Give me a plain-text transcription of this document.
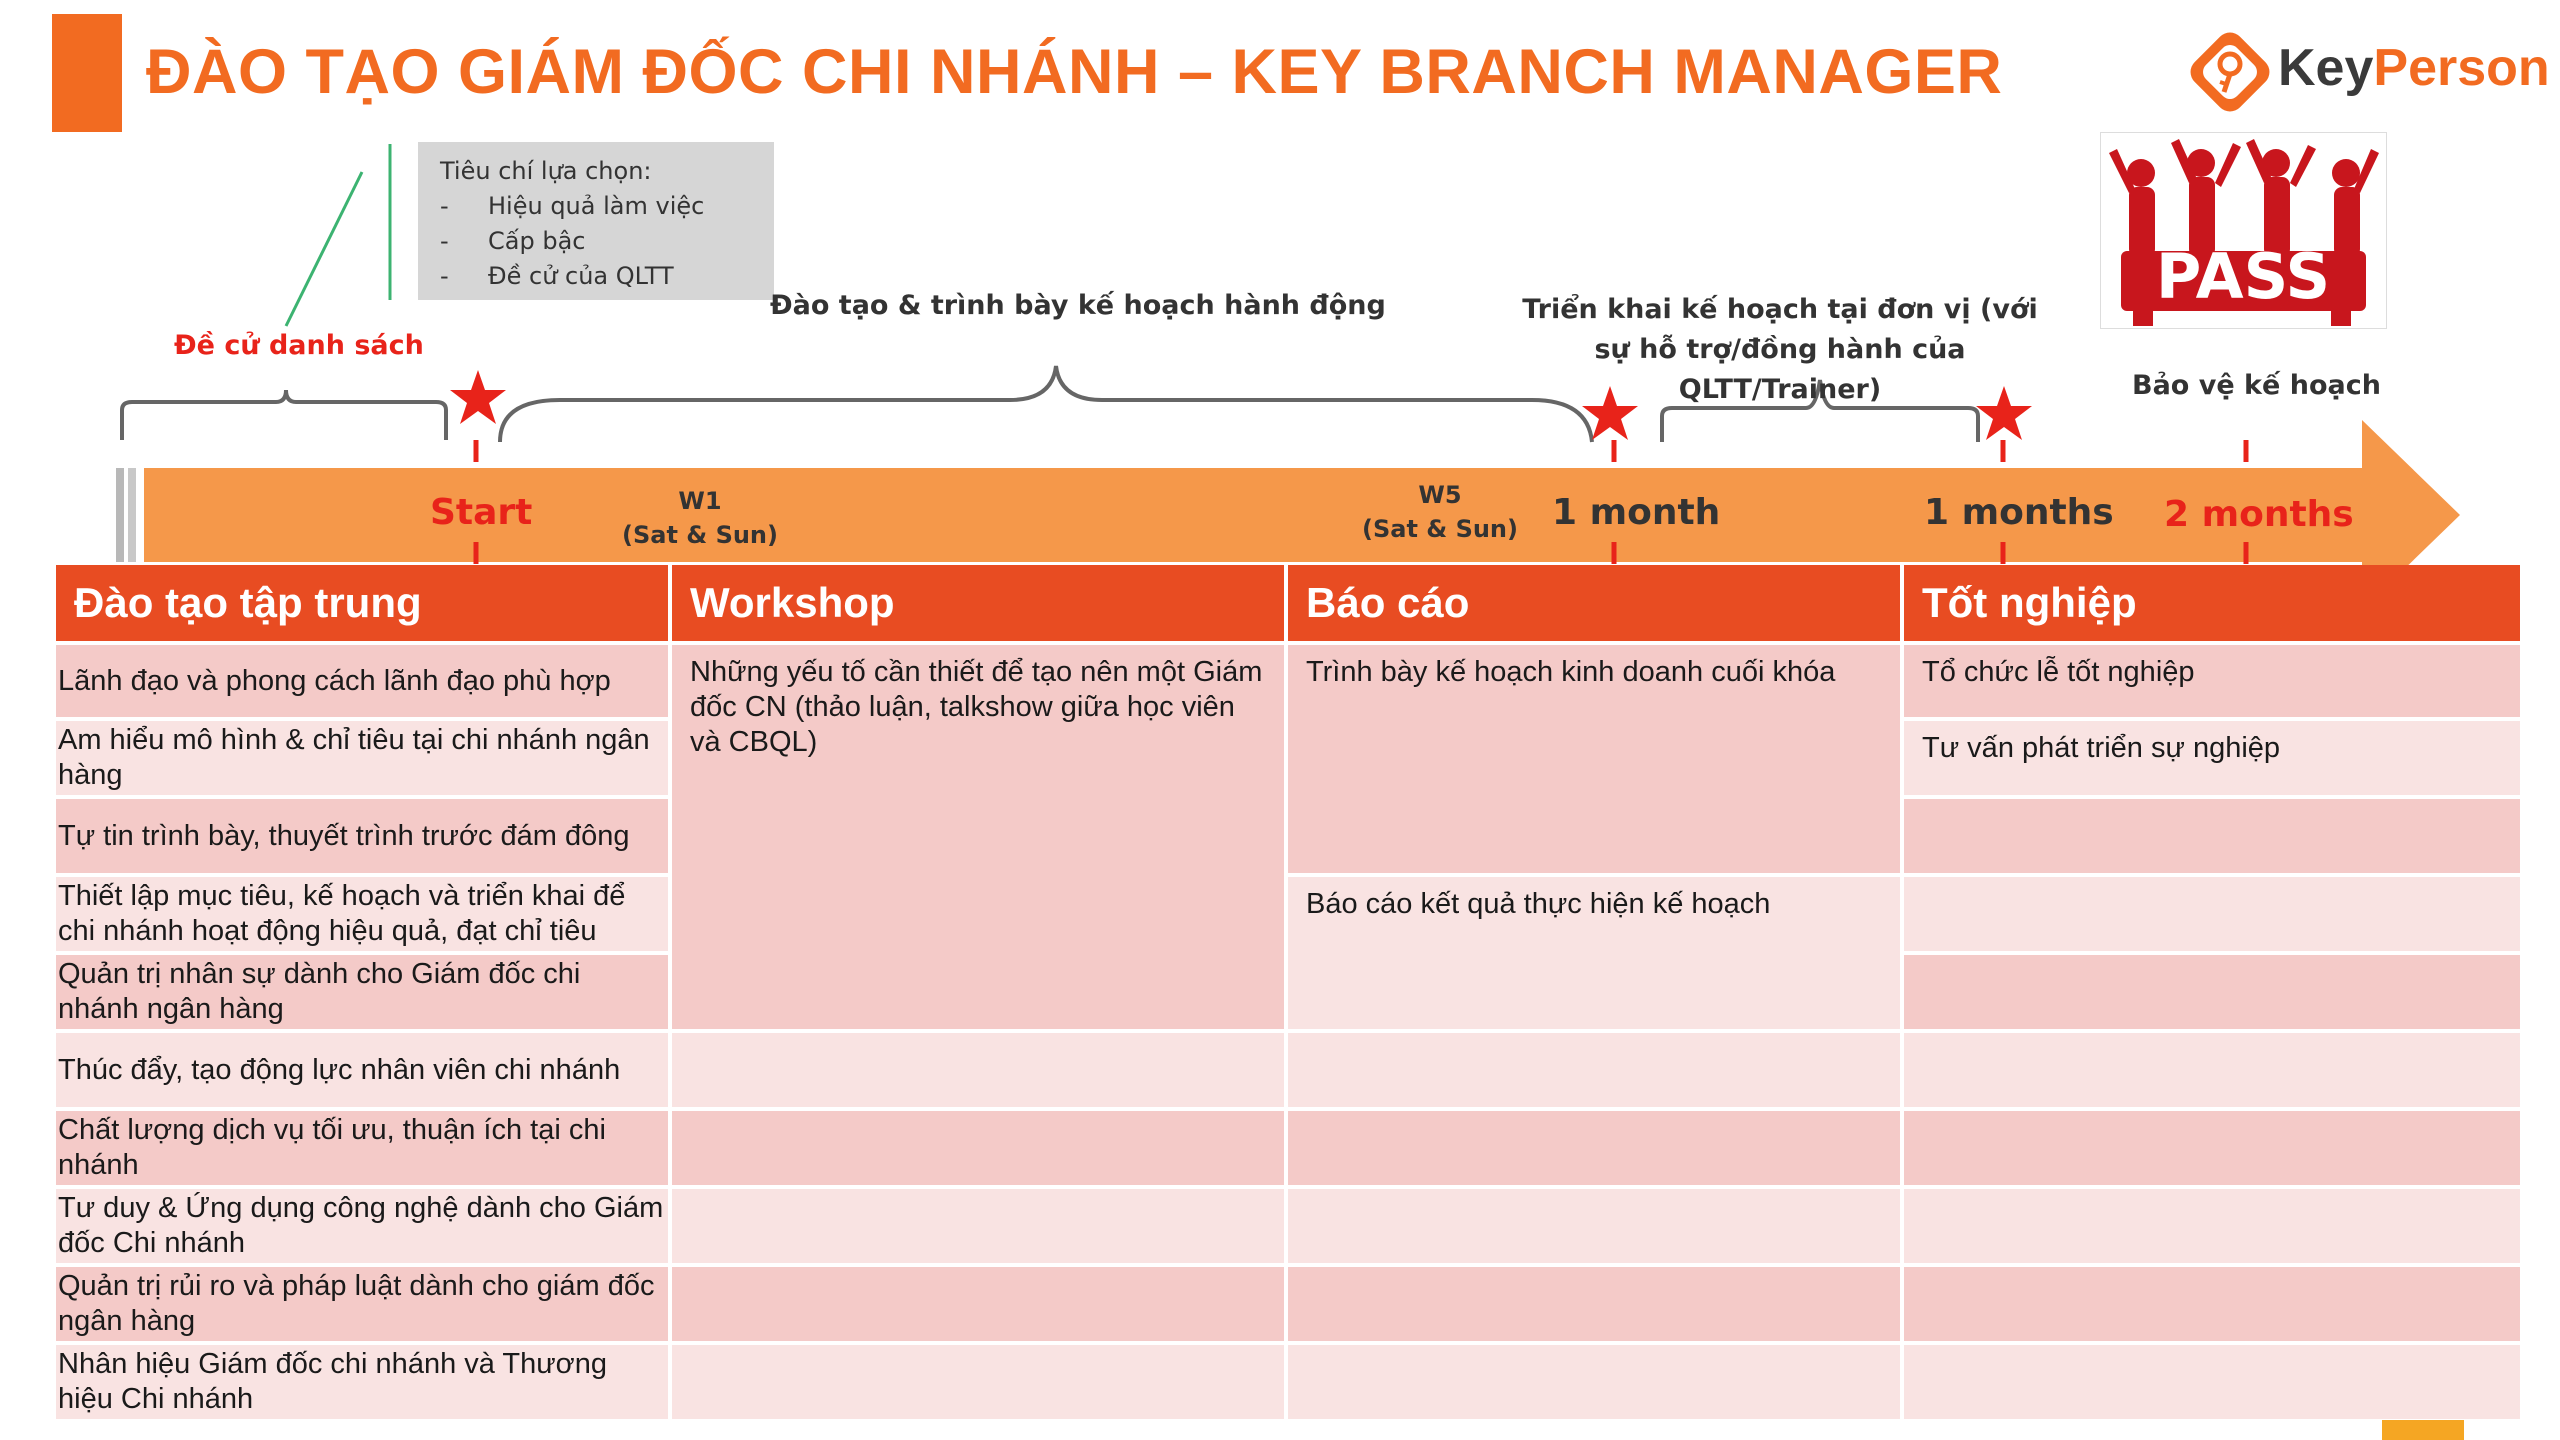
ĐÀO TẠO GIÁM ĐỐC CHI NHÁNH – KEY BRANCH MANAGER	KeyPerson
PASS
Tiêu chí lựa chọn:
-	Hiệu quả làm việc
-	Cấp bậc
-	Đề cử của QLTT
Đề cử danh sách
Đào tạo & trình bày kế hoạch hành động	Triển khai kế hoạch tại đơn vị (với sự hỗ trợ/đồng hành của QLTT/Trainer)	Bảo vệ kế hoạch
Start	W1
(Sat & Sun)
W5
(Sat & Sun) 1 month	1 months 2 months
Đào tạo tập trung	Workshop	Báo cáo	Tốt nghiệp
Lãnh đạo và phong cách lãnh đạo phù hợp	Những yếu tố cần thiết để tạo nên một Giám đốc CN (thảo luận, talkshow giữa học viên và CBQL)	Trình bày kế hoạch kinh doanh cuối khóa	Tổ chức lễ tốt nghiệp
Am hiểu mô hình & chỉ tiêu tại chi nhánh ngân hàng			Tư vấn phát triển sự nghiệp
Tự tin trình bày, thuyết trình trước đám đông			
Thiết lập mục tiêu, kế hoạch và triển khai để chi nhánh hoạt động hiệu quả, đạt chỉ tiêu		Báo cáo kết quả thực hiện kế hoạch	
Quản trị nhân sự dành cho Giám đốc chi nhánh ngân hàng			
Thúc đẩy, tạo động lực nhân viên chi nhánh			
Chất lượng dịch vụ tối ưu, thuận ích tại chi nhánh			
Tư duy & Ứng dụng công nghệ dành cho Giám đốc Chi nhánh			
Quản trị rủi ro và pháp luật dành cho giám đốc ngân hàng			
Nhân hiệu Giám đốc chi nhánh và Thương hiệu Chi nhánh			
